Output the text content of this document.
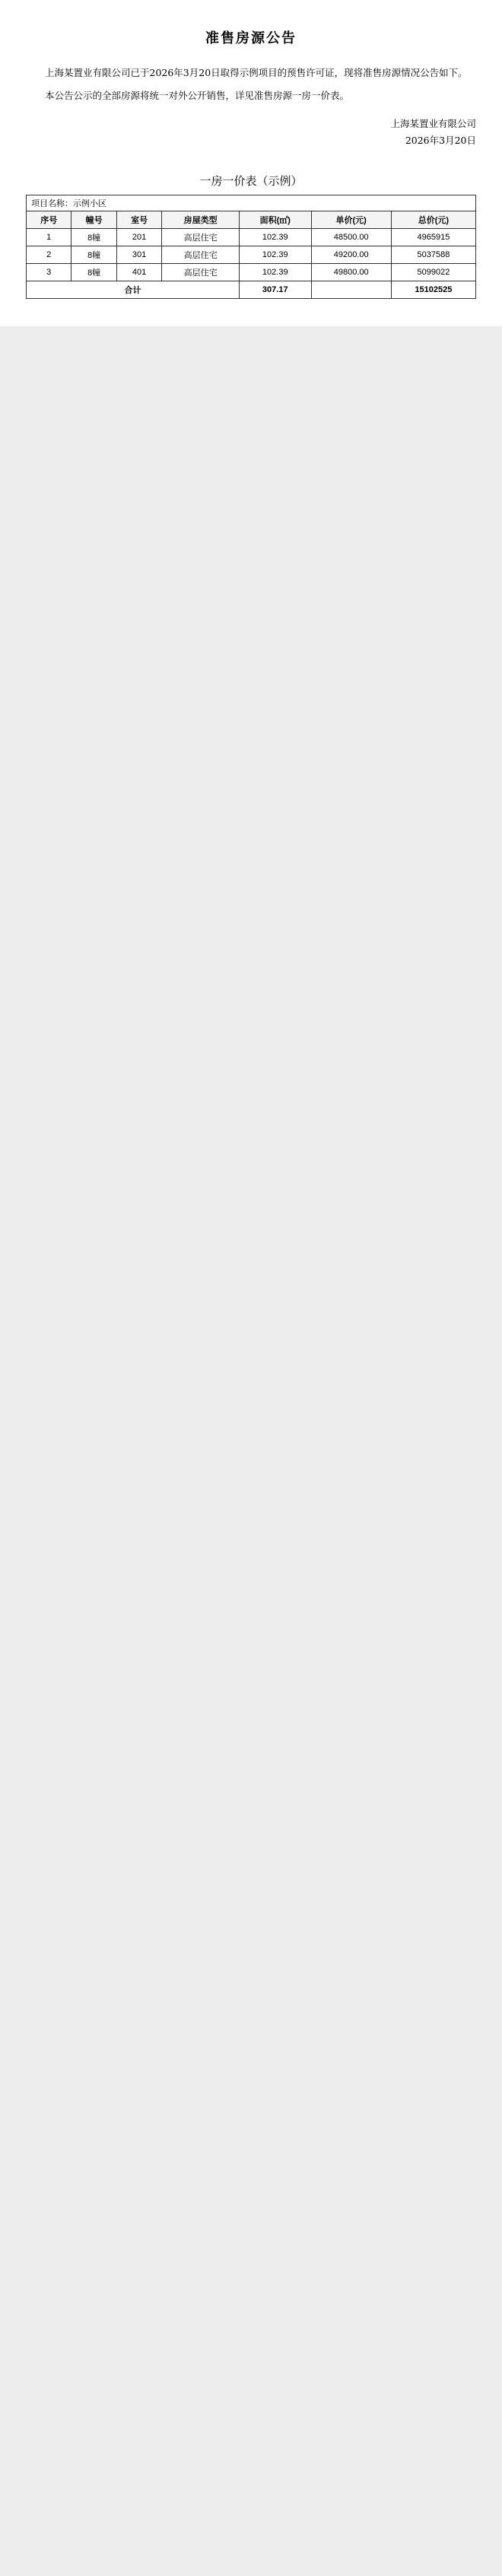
准售房源公告

上海某置业有限公司已于2026年3月20日取得示例项目的预售许可证，现将准售房源情况公告如下。

本公告公示的全部房源将统一对外公开销售，详见准售房源一房一价表。

上海某置业有限公司
2026年3月20日
一房一价表（示例）
项目名称：示例小区
序号	幢号	室号	房屋类型	面积(㎡)	单价(元)	总价(元)
1	8幢	201	高层住宅	102.39	48500.00	4965915
2	8幢	301	高层住宅	102.39	49200.00	5037588
3	8幢	401	高层住宅	102.39	49800.00	5099022
合计				307.17		15102525
